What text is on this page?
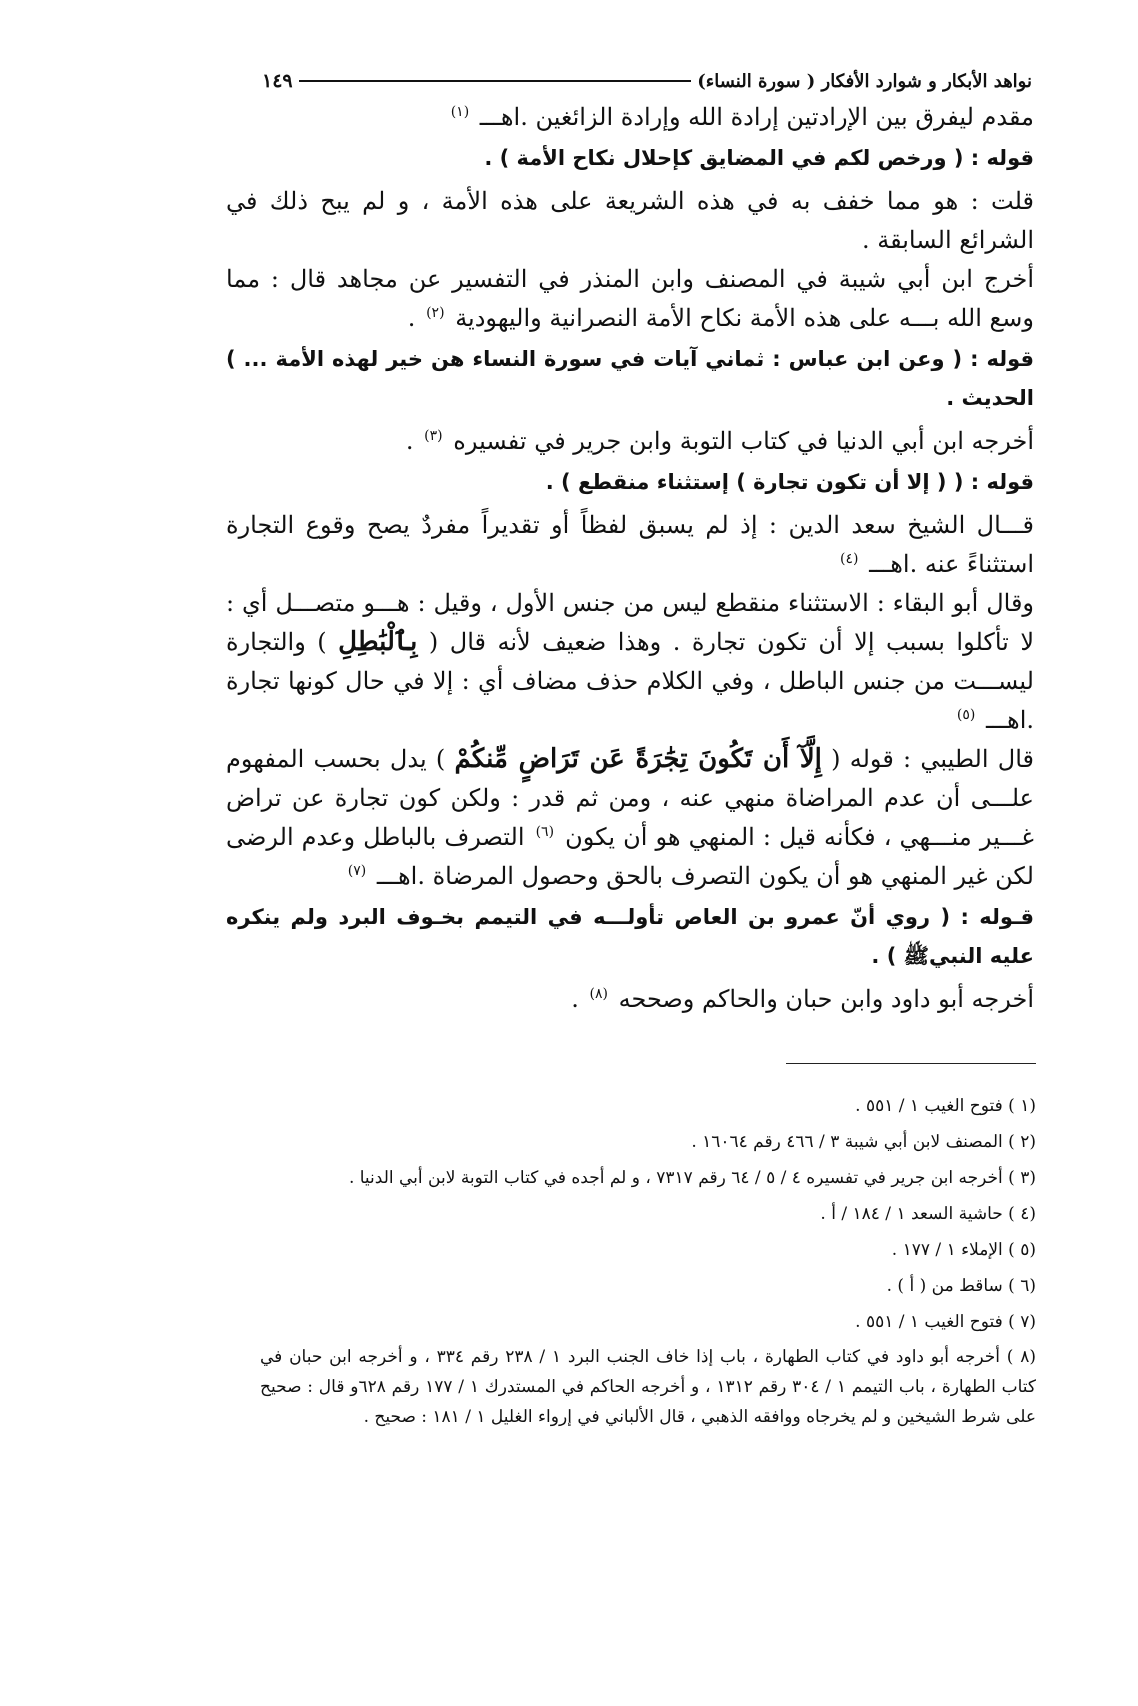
نواهد الأبكار و شوارد الأفكار ( سورة النساء)
١٤٩

مقدم ليفرق بين الإرادتين إرادة الله وإرادة الزائغين .اهـــ $^{(١)}$

قوله : ( ورخص لكم في المضايق كإحلال نكاح الأمة ) .

قلت : هو مما خفف به في هذه الشريعة على هذه الأمة ، و لم يبح ذلك في الشرائع السابقة .

أخرج ابن أبي شيبة في المصنف وابن المنذر في التفسير عن مجاهد قال : مما وسع الله بـــه على هذه الأمة نكاح الأمة النصرانية واليهودية $^{(٢)}$ .

قوله : ( وعن ابن عباس : ثماني آيات في سورة النساء هن خير لهذه الأمة ... ) الحديث .

أخرجه ابن أبي الدنيا في كتاب التوبة وابن جرير في تفسيره $^{(٣)}$ .

قوله : ( ( إلا أن تكون تجارة ) إستثناء منقطع ) .

قـــال الشيخ سعد الدين : إذ لم يسبق لفظاً أو تقديراً مفردٌ يصح وقوع التجارة استثناءً عنه .اهـــ $^{(٤)}$

وقال أبو البقاء : الاستثناء منقطع ليس من جنس الأول ، وقيل : هـــو متصـــل أي : لا تأكلوا بسبب إلا أن تكون تجارة . وهذا ضعيف لأنه قال ( بِٱلْبَٰطِلِ ) والتجارة ليســـت من جنس الباطل ، وفي الكلام حذف مضاف أي : إلا في حال كونها تجارة .اهـــ $^{(٥)}$

قال الطيبي : قوله ( إِلَّآ أَن تَكُونَ تِجَٰرَةً عَن تَرَاضٍ مِّنكُمْ ) يدل بحسب المفهوم علـــى أن عدم المراضاة منهي عنه ، ومن ثم قدر : ولكن كون تجارة عن تراض غـــير منـــهي ، فكأنه قيل : المنهي هو أن يكون $^{(٦)}$ التصرف بالباطل وعدم الرضى لكن غير المنهي هو أن يكون التصرف بالحق وحصول المرضاة .اهـــ $^{(٧)}$

قـوله : ( روي أنّ عمرو بن العاص تأولـــه في التيمم بخـوف البرد ولم ينكره عليه النبيﷺ ) .

أخرجه أبو داود وابن حبان والحاكم وصححه $^{(٨)}$ .

(١ ) فتوح الغيب ١ / ٥٥١ .

(٢ ) المصنف لابن أبي شيبة ٣ / ٤٦٦ رقم ١٦٠٦٤ .

(٣ ) أخرجه ابن جرير في تفسيره ٤ / ٥ / ٦٤ رقم ٧٣١٧ ، و لم أجده في كتاب التوبة لابن أبي الدنيا .

(٤ ) حاشية السعد ١ / ١٨٤ / أ .

(٥ ) الإملاء ١ / ١٧٧ .

(٦ ) ساقط من ( أ ) .

(٧ ) فتوح الغيب ١ / ٥٥١ .

(٨ ) أخرجه أبو داود في كتاب الطهارة ، باب إذا خاف الجنب البرد ١ / ٢٣٨ رقم ٣٣٤ ، و أخرجه ابن حبان في كتاب الطهارة ، باب التيمم ١ / ٣٠٤ رقم ١٣١٢ ، و أخرجه الحاكم في المستدرك ١ / ١٧٧ رقم ٦٢٨و قال : صحيح على شرط الشيخين و لم يخرجاه ووافقه الذهبي ، قال الألباني في إرواء الغليل ١ / ١٨١ : صحيح .
